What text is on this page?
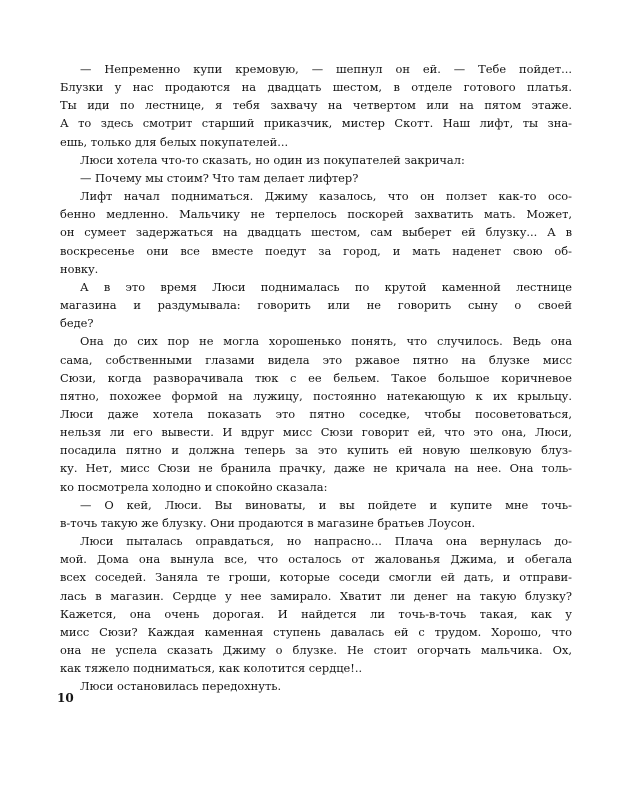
— Непременно купи кремовую, — шепнул он ей. — Тебе пойдет...
Блузки у нас продаются на двадцать шестом, в отделе готового платья.
Ты иди по лестнице, я тебя захвачу на четвертом или на пятом этаже.
А то здесь смотрит старший приказчик, мистер Скотт. Наш лифт, ты зна-
ешь, только для белых покупателей...
Люси хотела что-то сказать, но один из покупателей закричал:
— Почему мы стоим? Что там делает лифтер?
Лифт начал подниматься. Джиму казалось, что он ползет как-то осо-
бенно медленно. Мальчику не терпелось поскорей захватить мать. Может,
он сумеет задержаться на двадцать шестом, сам выберет ей блузку... А в
воскресенье они все вместе поедут за город, и мать наденет свою об-
новку.
А в это время Люси поднималась по крутой каменной лестнице
магазина и раздумывала: говорить или не говорить сыну о своей
беде?
Она до сих пор не могла хорошенько понять, что случилось. Ведь она
сама, собственными глазами видела это ржавое пятно на блузке мисс
Сюзи, когда разворачивала тюк с ее бельем. Такое большое коричневое
пятно, похожее формой на лужицу, постоянно натекающую к их крыльцу.
Люси даже хотела показать это пятно соседке, чтобы посоветоваться,
нельзя ли его вывести. И вдруг мисс Сюзи говорит ей, что это она, Люси,
посадила пятно и должна теперь за это купить ей новую шелковую блуз-
ку. Нет, мисс Сюзи не бранила прачку, даже не кричала на нее. Она толь-
ко посмотрела холодно и спокойно сказала:
— О кей, Люси. Вы виноваты, и вы пойдете и купите мне точь-
в-точь такую же блузку. Они продаются в магазине братьев Лоусон.
Люси пыталась оправдаться, но напрасно... Плача она вернулась до-
мой. Дома она вынула все, что осталось от жалованья Джима, и обегала
всех соседей. Заняла те гроши, которые соседи смогли ей дать, и отправи-
лась в магазин. Сердце у нее замирало. Хватит ли денег на такую блузку?
Кажется, она очень дорогая. И найдется ли точь-в-точь такая, как у
мисс Сюзи? Каждая каменная ступень давалась ей с трудом. Хорошо, что
она не успела сказать Джиму о блузке. Не стоит огорчать мальчика. Ох,
как тяжело подниматься, как колотится сердце!..
Люси остановилась передохнуть.
10
